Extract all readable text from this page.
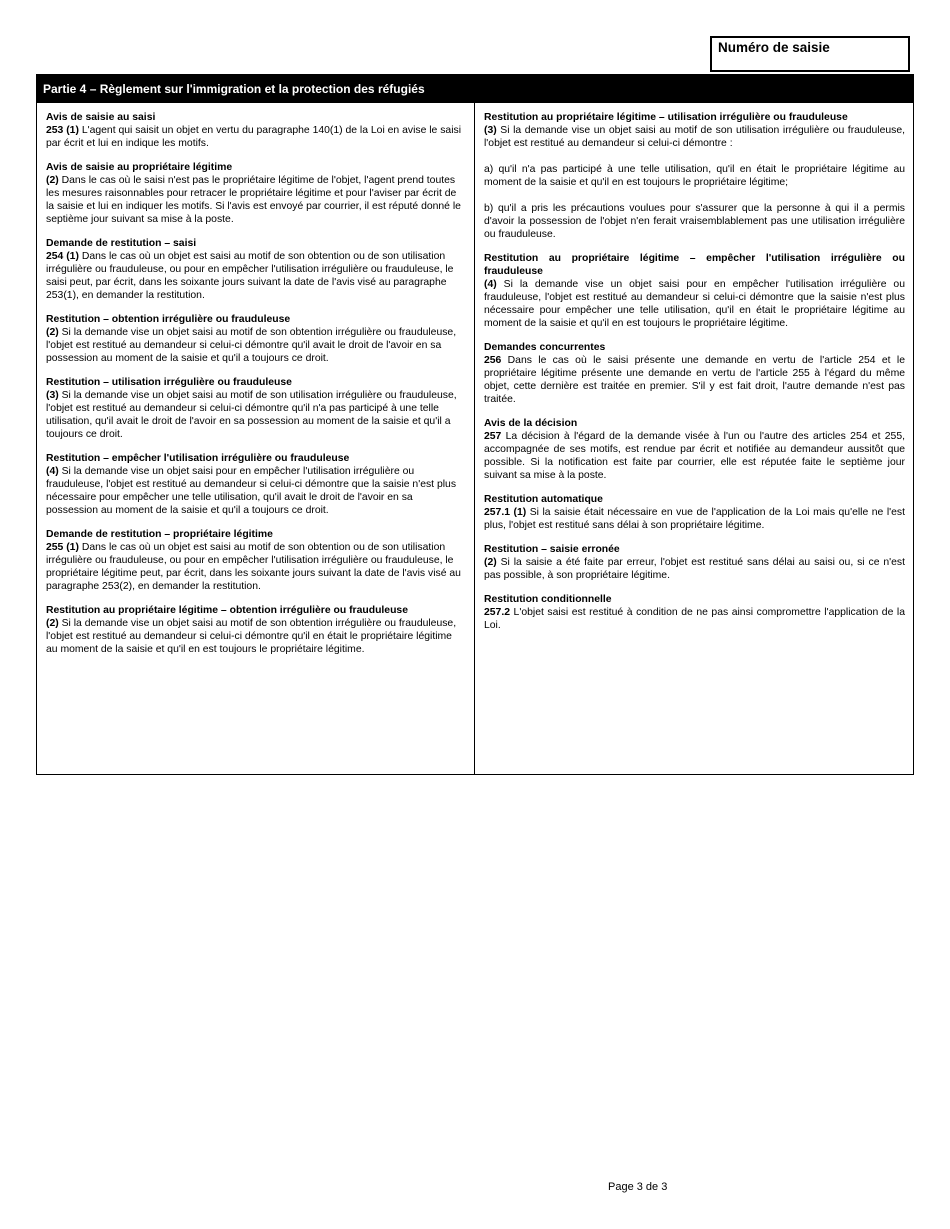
Numéro de saisie
Partie 4 – Règlement sur l'immigration et la protection des réfugiés
Avis de saisie au saisi

253 (1) L'agent qui saisit un objet en vertu du paragraphe 140(1) de la Loi en avise le saisi par écrit et lui en indique les motifs.

Avis de saisie au propriétaire légitime

(2) Dans le cas où le saisi n'est pas le propriétaire légitime de l'objet, l'agent prend toutes les mesures raisonnables pour retracer le propriétaire légitime et pour l'aviser par écrit de la saisie et lui en indiquer les motifs. Si l'avis est envoyé par courrier, il est réputé donné le septième jour suivant sa mise à la poste.

Demande de restitution – saisi

254 (1) Dans le cas où un objet est saisi au motif de son obtention ou de son utilisation irrégulière ou frauduleuse, ou pour en empêcher l'utilisation irrégulière ou frauduleuse, le saisi peut, par écrit, dans les soixante jours suivant la date de l'avis visé au paragraphe 253(1), en demander la restitution.

Restitution – obtention irrégulière ou frauduleuse

(2) Si la demande vise un objet saisi au motif de son obtention irrégulière ou frauduleuse, l'objet est restitué au demandeur si celui-ci démontre qu'il avait le droit de l'avoir en sa possession au moment de la saisie et qu'il a toujours ce droit.

Restitution – utilisation irrégulière ou frauduleuse

(3) Si la demande vise un objet saisi au motif de son utilisation irrégulière ou frauduleuse, l'objet est restitué au demandeur si celui-ci démontre qu'il n'a pas participé à une telle utilisation, qu'il avait le droit de l'avoir en sa possession au moment de la saisie et qu'il a toujours ce droit.

Restitution – empêcher l'utilisation irrégulière ou frauduleuse

(4) Si la demande vise un objet saisi pour en empêcher l'utilisation irrégulière ou frauduleuse, l'objet est restitué au demandeur si celui-ci démontre que la saisie n'est plus nécessaire pour empêcher une telle utilisation, qu'il avait le droit de l'avoir en sa possession au moment de la saisie et qu'il a toujours ce droit.

Demande de restitution – propriétaire légitime

255 (1) Dans le cas où un objet est saisi au motif de son obtention ou de son utilisation irrégulière ou frauduleuse, ou pour en empêcher l'utilisation irrégulière ou frauduleuse, le propriétaire légitime peut, par écrit, dans les soixante jours suivant la date de l'avis visé au paragraphe 253(2), en demander la restitution.

Restitution au propriétaire légitime – obtention irrégulière ou frauduleuse

(2) Si la demande vise un objet saisi au motif de son obtention irrégulière ou frauduleuse, l'objet est restitué au demandeur si celui-ci démontre qu'il en était le propriétaire légitime au moment de la saisie et qu'il en est toujours le propriétaire légitime.

Restitution au propriétaire légitime – utilisation irrégulière ou frauduleuse

(3) Si la demande vise un objet saisi au motif de son utilisation irrégulière ou frauduleuse, l'objet est restitué au demandeur si celui-ci démontre :

a) qu'il n'a pas participé à une telle utilisation, qu'il en était le propriétaire légitime au moment de la saisie et qu'il en est toujours le propriétaire légitime;

b) qu'il a pris les précautions voulues pour s'assurer que la personne à qui il a permis d'avoir la possession de l'objet n'en ferait vraisemblablement pas une utilisation irrégulière ou frauduleuse.

Restitution au propriétaire légitime – empêcher l'utilisation irrégulière ou frauduleuse

(4) Si la demande vise un objet saisi pour en empêcher l'utilisation irrégulière ou frauduleuse, l'objet est restitué au demandeur si celui-ci démontre que la saisie n'est plus nécessaire pour empêcher une telle utilisation, qu'il en était le propriétaire légitime au moment de la saisie et qu'il en est toujours le propriétaire légitime.

Demandes concurrentes

256 Dans le cas où le saisi présente une demande en vertu de l'article 254 et le propriétaire légitime présente une demande en vertu de l'article 255 à l'égard du même objet, cette dernière est traitée en premier. S'il y est fait droit, l'autre demande n'est pas traitée.

Avis de la décision

257 La décision à l'égard de la demande visée à l'un ou l'autre des articles 254 et 255, accompagnée de ses motifs, est rendue par écrit et notifiée au demandeur aussitôt que possible. Si la notification est faite par courrier, elle est réputée faite le septième jour suivant sa mise à la poste.

Restitution automatique

257.1 (1) Si la saisie était nécessaire en vue de l'application de la Loi mais qu'elle ne l'est plus, l'objet est restitué sans délai à son propriétaire légitime.

Restitution – saisie erronée

(2) Si la saisie a été faite par erreur, l'objet est restitué sans délai au saisi ou, si ce n'est pas possible, à son propriétaire légitime.

Restitution conditionnelle

257.2 L'objet saisi est restitué à condition de ne pas ainsi compromettre l'application de la Loi.

Page 3 de 3
